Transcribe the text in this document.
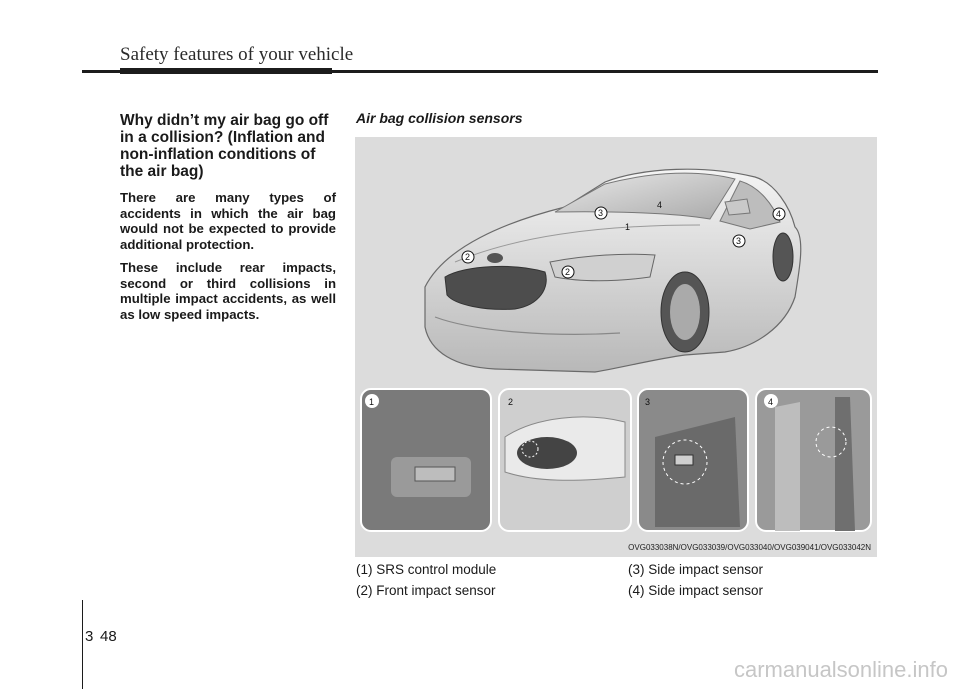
Safety features of your vehicle
Why didn’t my air bag go off in a collision? (Inflation and non-inflation conditions of the air bag)

There are many types of accidents in which the air bag would not be expected to provide additional protection.

These include rear impacts, second or third collisions in multiple impact accidents, as well as low speed impacts.

Air bag collision sensors
1
2
2
3
3
4
4
1	2	3	4
OVG033038N/OVG033039/OVG033040/OVG039041/OVG033042N
(1) SRS control module
(2) Front impact sensor
(3) Side impact sensor
(4) Side impact sensor
3 48
carmanualsonline.info
